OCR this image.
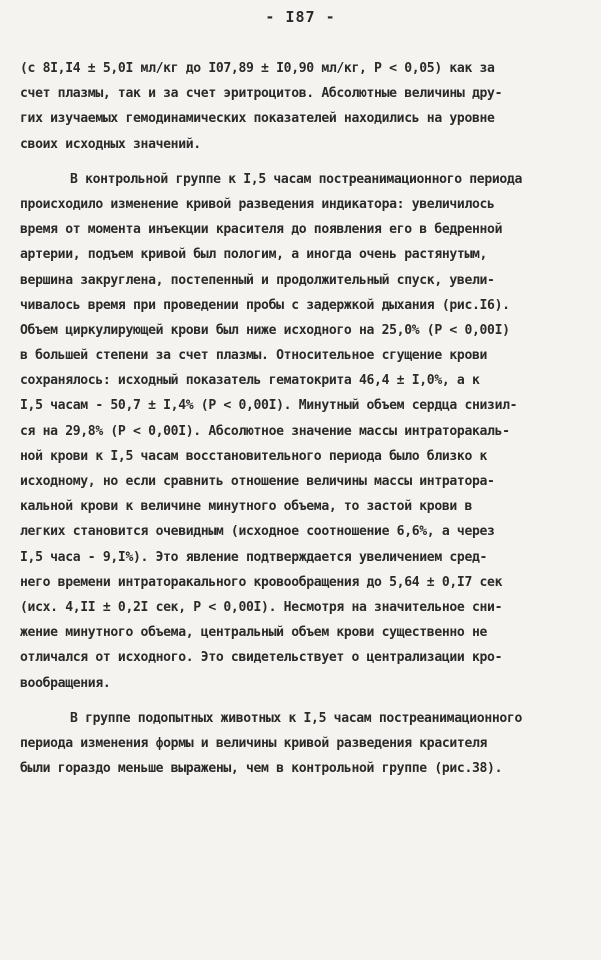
- I87 -
(с 8I,I4 ± 5,0I мл/кг до I07,89 ± I0,90 мл/кг, P < 0,05) как за
счет плазмы, так и за счет эритроцитов. Абсолютные величины дру-
гих изучаемых гемодинамических показателей находились на уровне
своих исходных значений.
В контрольной группе к I,5 часам постреанимационного периода
происходило изменение кривой разведения индикатора: увеличилось
время от момента инъекции красителя до появления его в бедренной
артерии, подъем кривой был пологим, а иногда очень растянутым,
вершина закруглена, постепенный и продолжительный спуск, увели-
чивалось время при проведении пробы с задержкой дыхания (рис.I6).
Объем циркулирующей крови был ниже исходного на 25,0% (P < 0,00I)
в большей степени за счет плазмы. Относительное сгущение крови
сохранялось: исходный показатель гематокрита 46,4 ± I,0%, а к
I,5 часам - 50,7 ± I,4% (P < 0,00I). Минутный объем сердца снизил-
ся на 29,8% (P < 0,00I). Абсолютное значение массы интраторакаль-
ной крови к I,5 часам восстановительного периода было близко к
исходному, но если сравнить отношение величины массы интратора-
кальной крови к величине минутного объема, то застой крови в
легких становится очевидным (исходное соотношение 6,6%, а через
I,5 часа - 9,I%). Это явление подтверждается увеличением сред-
него времени интраторакального кровообращения до 5,64 ± 0,I7 сек
(исх. 4,II ± 0,2I сек, P < 0,00I). Несмотря на значительное сни-
жение минутного объема, центральный объем крови существенно не
отличался от исходного. Это свидетельствует о централизации кро-
вообращения.
В группе подопытных животных к I,5 часам постреанимационного
периода изменения формы и величины кривой разведения красителя
были гораздо меньше выражены, чем в контрольной группе (рис.38).
